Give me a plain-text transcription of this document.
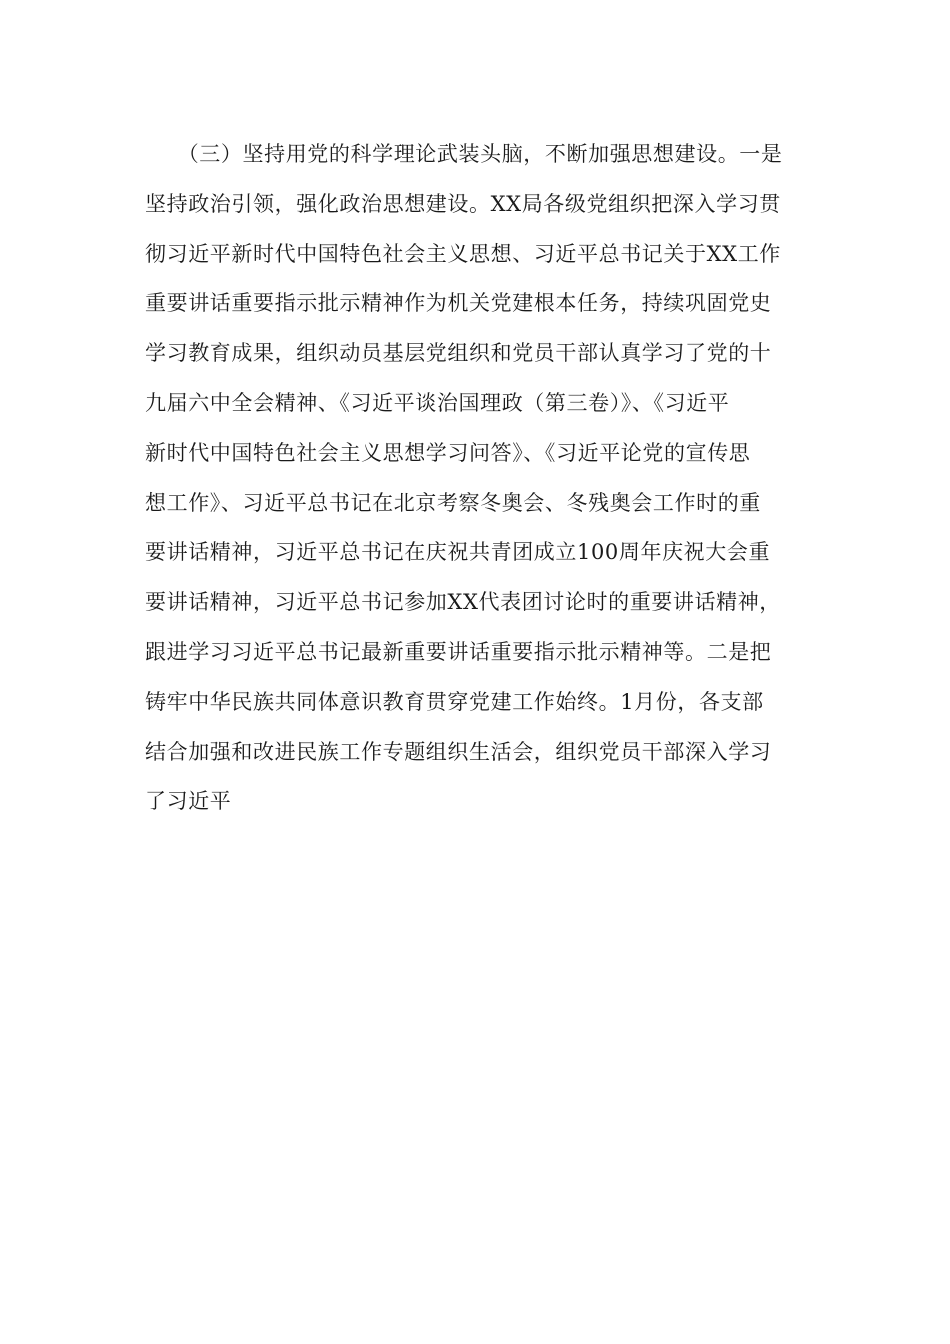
　　（三）坚持用党的科学理论武装头脑，不断加强思想建设。一是
坚持政治引领，强化政治思想建设。XX局各级党组织把深入学习贯
彻习近平新时代中国特色社会主义思想、习近平总书记关于XX工作
重要讲话重要指示批示精神作为机关党建根本任务，持续巩固党史
学习教育成果，组织动员基层党组织和党员干部认真学习了党的十
九届六中全会精神、《习近平谈治国理政（第三卷）》、《习近平
新时代中国特色社会主义思想学习问答》、《习近平论党的宣传思
想工作》、习近平总书记在北京考察冬奥会、冬残奥会工作时的重
要讲话精神，习近平总书记在庆祝共青团成立100周年庆祝大会重
要讲话精神，习近平总书记参加XX代表团讨论时的重要讲话精神，
跟进学习习近平总书记最新重要讲话重要指示批示精神等。二是把
铸牢中华民族共同体意识教育贯穿党建工作始终。1月份，各支部
结合加强和改进民族工作专题组织生活会，组织党员干部深入学习
了习近平
